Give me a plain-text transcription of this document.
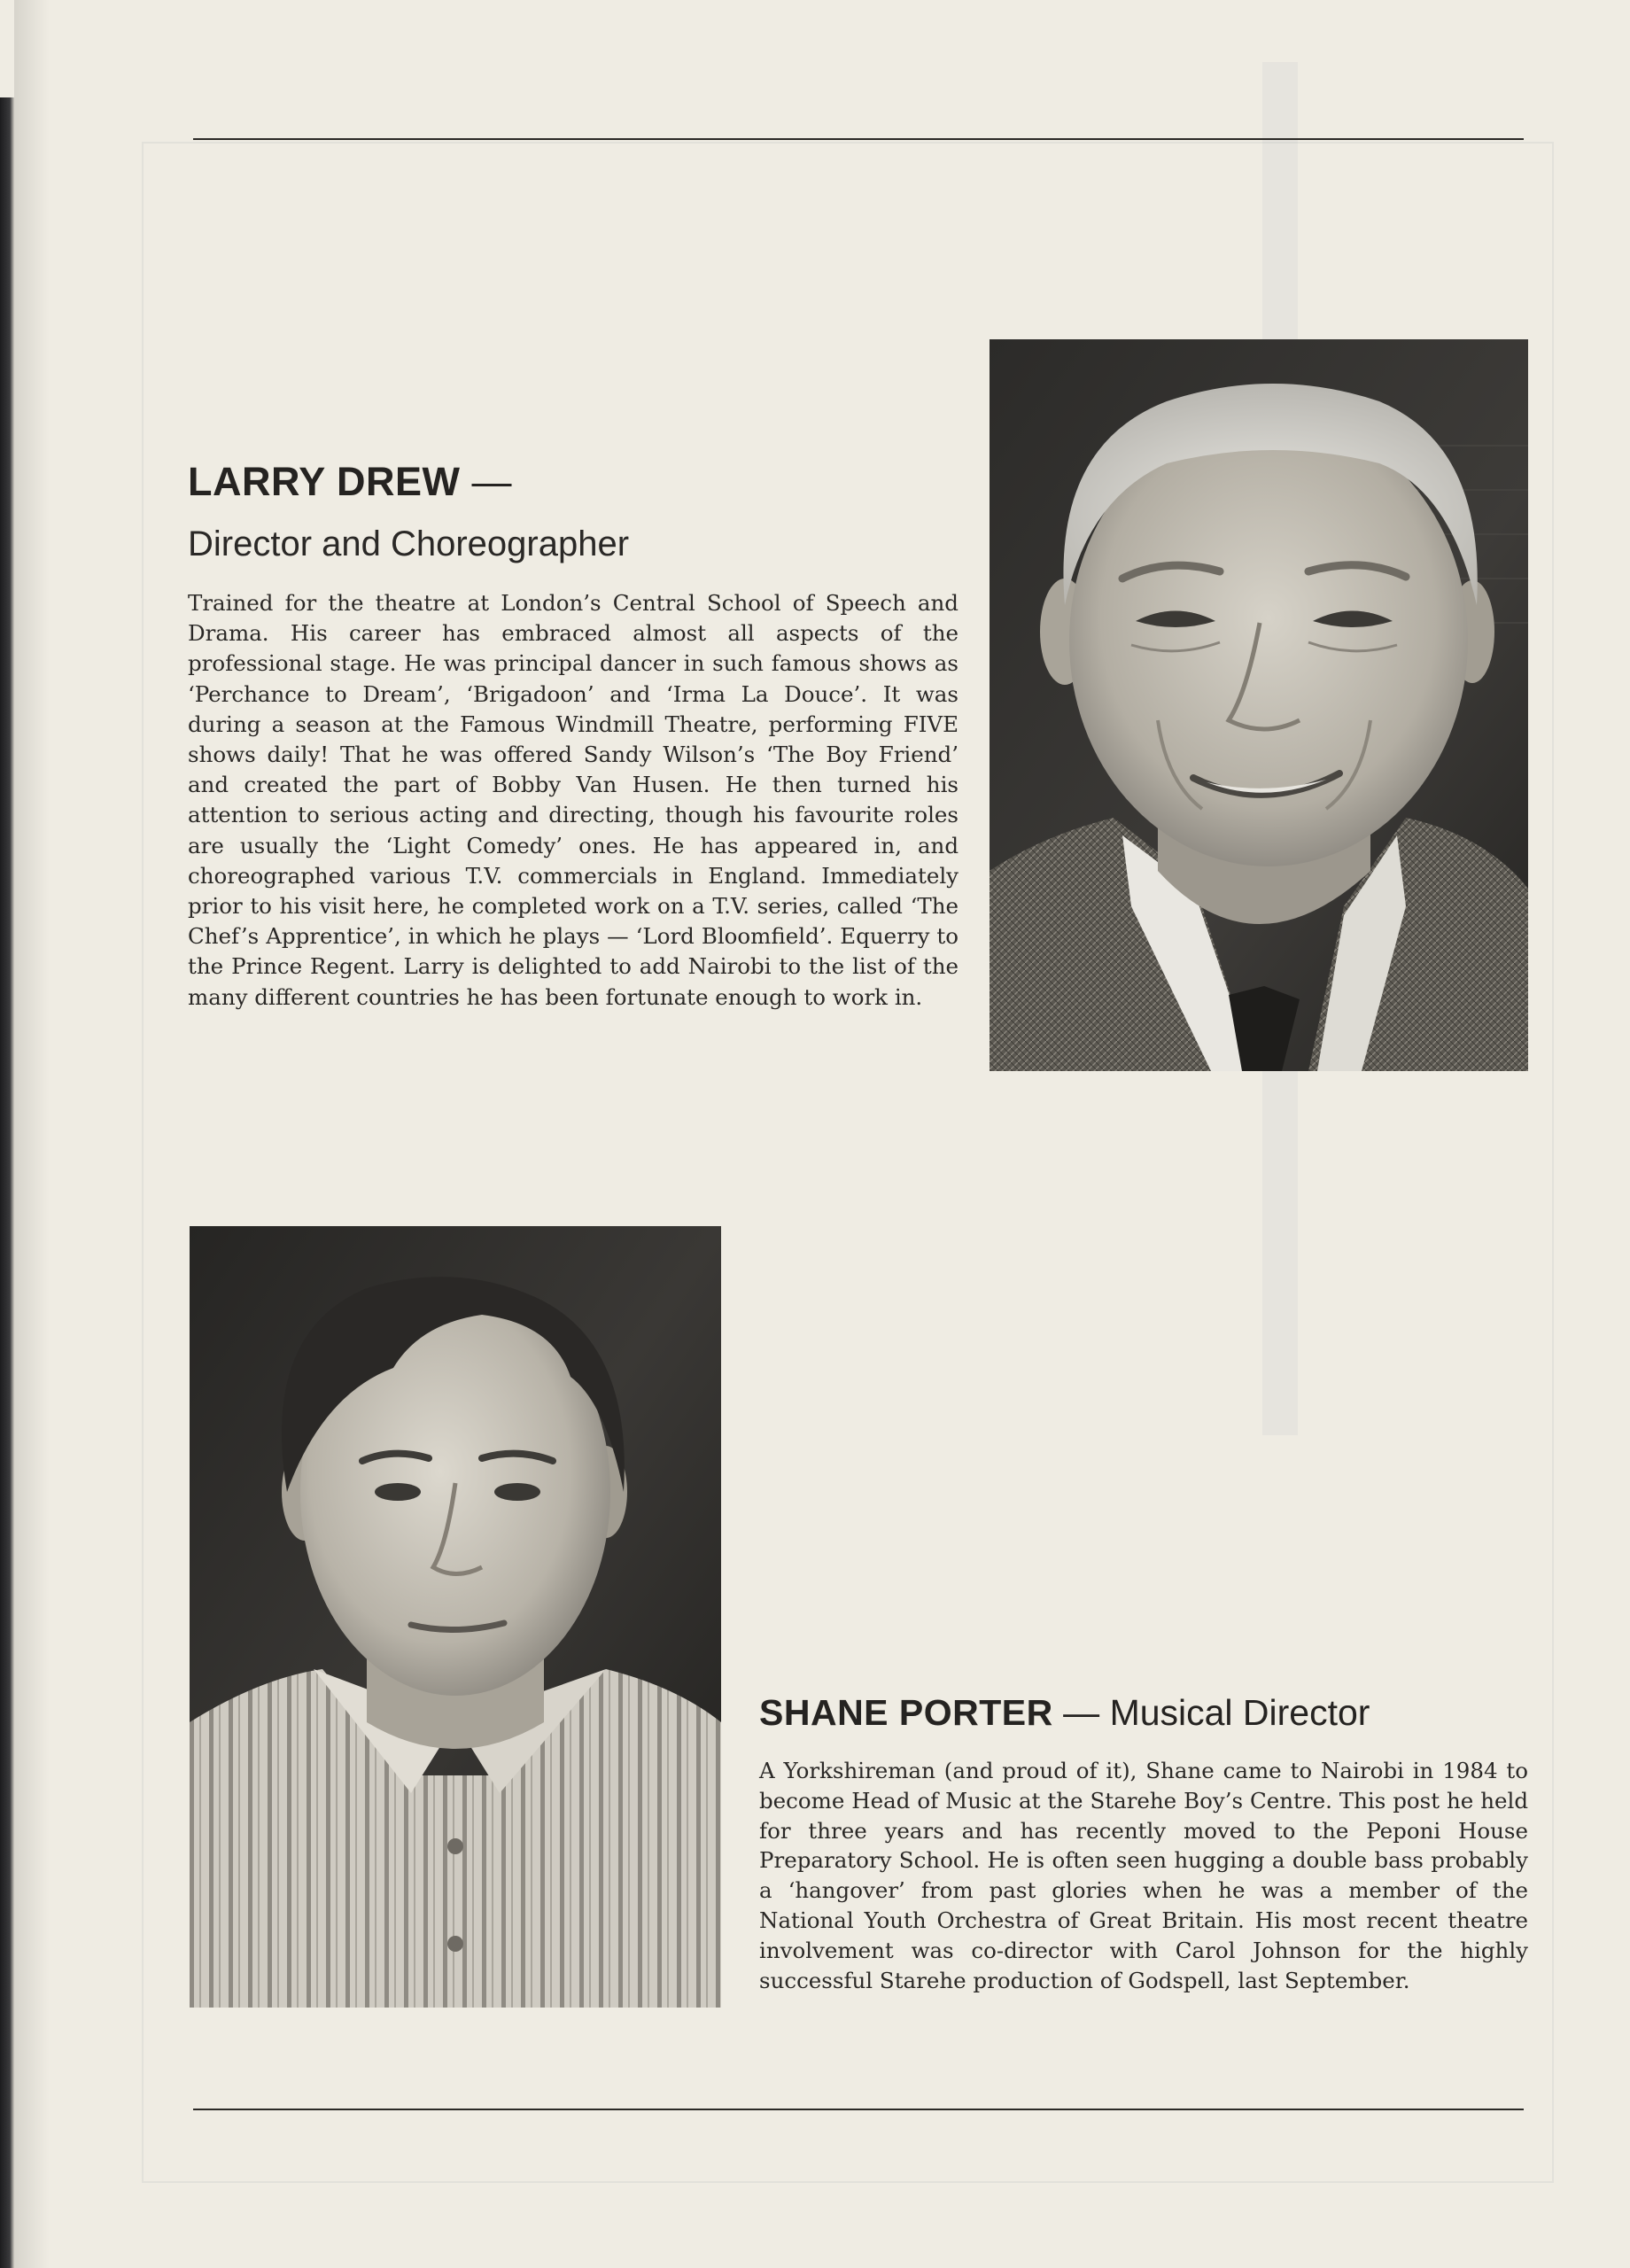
LARRY DREW —
Director and Choreographer
Trained for the theatre at London’s Central School of Speech and Drama. His career has embraced almost all aspects of the professional stage. He was principal dancer in such famous shows as ‘Perchance to Dream’, ‘Brigadoon’ and ‘Irma La Douce’. It was during a season at the Famous Windmill Theatre, performing FIVE shows daily! That he was offered Sandy Wilson’s ‘The Boy Friend’ and created the part of Bobby Van Husen. He then turned his attention to serious acting and directing, though his favourite roles are usually the ‘Light Comedy’ ones. He has appeared in, and choreographed various T.V. commercials in England. Immediately prior to his visit here, he completed work on a T.V. series, called ‘The Chef’s Apprentice’, in which he plays — ‘Lord Bloomfield’. Equerry to the Prince Regent. Larry is delighted to add Nairobi to the list of the many different countries he has been fortunate enough to work in.
SHANE PORTER — Musical Director
A Yorkshireman (and proud of it), Shane came to Nairobi in 1984 to become Head of Music at the Starehe Boy’s Centre. This post he held for three years and has recently moved to the Peponi House Preparatory School. He is often seen hugging a double bass probably a ‘hangover’ from past glories when he was a member of the National Youth Orchestra of Great Britain. His most recent theatre involvement was co-director with Carol Johnson for the highly successful Starehe production of Godspell, last September.
